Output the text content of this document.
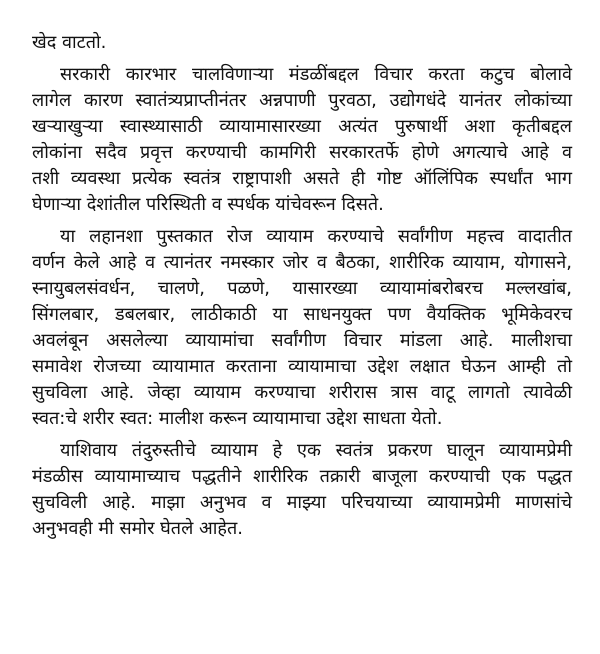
खेद वाटतो.
सरकारी कारभार चालविणाऱ्या मंडळींबद्दल विचार करता कटुच बोलावे
लागेल कारण स्वातंत्र्यप्राप्तीनंतर अन्नपाणी पुरवठा, उद्योगधंदे यानंतर लोकांच्या
खऱ्याखुऱ्या स्वास्थ्यासाठी व्यायामासारख्या अत्यंत पुरुषार्थी अशा कृतीबद्दल
लोकांना सदैव प्रवृत्त करण्याची कामगिरी सरकारतर्फे होणे अगत्याचे आहे व
तशी व्यवस्था प्रत्येक स्वतंत्र राष्ट्रापाशी असते ही गोष्ट ऑलिंपिक स्पर्धांत भाग
घेणाऱ्या देशांतील परिस्थिती व स्पर्धक यांचेवरून दिसते.
या लहानशा पुस्तकात रोज व्यायाम करण्याचे सर्वांगीण महत्त्व वादातीत
वर्णन केले आहे व त्यानंतर नमस्कार जोर व बैठका, शारीरिक व्यायाम, योगासने,
स्नायुबलसंवर्धन, चालणे, पळणे, यासारख्या व्यायामांबरोबरच मल्लखांब,
सिंगलबार, डबलबार, लाठीकाठी या साधनयुक्त पण वैयक्तिक भूमिकेवरच
अवलंबून असलेल्या व्यायामांचा सर्वांगीण विचार मांडला आहे. मालीशचा
समावेश रोजच्या व्यायामात करताना व्यायामाचा उद्देश लक्षात घेऊन आम्ही तो
सुचविला आहे. जेव्हा व्यायाम करण्याचा शरीरास त्रास वाटू लागतो त्यावेळी
स्वत:चे शरीर स्वत: मालीश करून व्यायामाचा उद्देश साधता येतो.
याशिवाय तंदुरुस्तीचे व्यायाम हे एक स्वतंत्र प्रकरण घालून व्यायामप्रेमी
मंडळीस व्यायामाच्याच पद्धतीने शारीरिक तक्रारी बाजूला करण्याची एक पद्धत
सुचविली आहे. माझा अनुभव व माझ्या परिचयाच्या व्यायामप्रेमी माणसांचे
अनुभवही मी समोर घेतले आहेत.
